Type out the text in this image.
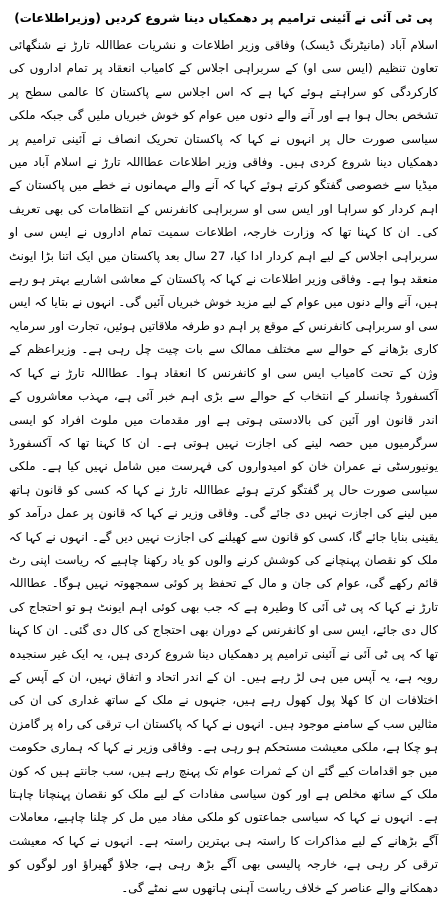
پی ٹی آئی نے آئینی ترامیم پر دھمکیاں دینا شروع کردیں (وزیراطلاعات)

اسلام آباد (مانیٹرنگ ڈیسک) وفاقی وزیر اطلاعات و نشریات عطااللہ تارڑ نے شنگھائی تعاون تنظیم (ایس سی او) کے سربراہی اجلاس کے کامیاب انعقاد پر تمام اداروں کی کارکردگی کو سراہتے ہوئے کہا ہے کہ اس اجلاس سے پاکستان کا عالمی سطح پر تشخص بحال ہوا ہے اور آنے والے دنوں میں عوام کو خوش خبریاں ملیں گی جبکہ ملکی سیاسی صورت حال پر انہوں نے کہا کہ پاکستان تحریک انصاف نے آئینی ترامیم پر دھمکیاں دینا شروع کردی ہیں۔ وفاقی وزیر اطلاعات عطااللہ تارڑ نے اسلام آباد میں میڈیا سے خصوصی گفتگو کرتے ہوئے کہا کہ آنے والے مہمانوں نے خطے میں پاکستان کے اہم کردار کو سراہا اور ایس سی او سربراہی کانفرنس کے انتظامات کی بھی تعریف کی۔ ان کا کہنا تھا کہ وزارت خارجہ، اطلاعات سمیت تمام اداروں نے ایس سی او سربراہی اجلاس کے لیے اہم کردار ادا کیا، 27 سال بعد پاکستان میں ایک اتنا بڑا ایونٹ منعقد ہوا ہے۔ وفاقی وزیر اطلاعات نے کہا کہ پاکستان کے معاشی اشاریے بہتر ہو رہے ہیں، آنے والے دنوں میں عوام کے لیے مزید خوش خبریاں آئیں گی۔ انہوں نے بتایا کہ ایس سی او سربراہی کانفرنس کے موقع پر اہم دو طرفہ ملاقاتیں ہوئیں، تجارت اور سرمایہ کاری بڑھانے کے حوالے سے مختلف ممالک سے بات چیت چل رہی ہے۔ وزیراعظم کے وژن کے تحت کامیاب ایس سی او کانفرنس کا انعقاد ہوا۔ عطااللہ تارڑ نے کہا کہ آکسفورڈ چانسلر کے انتخاب کے حوالے سے بڑی اہم خبر آئی ہے، مہذب معاشروں کے اندر قانون اور آئین کی بالادستی ہوتی ہے اور مقدمات میں ملوث افراد کو ایسی سرگرمیوں میں حصہ لینے کی اجازت نہیں ہوتی ہے۔ ان کا کہنا تھا کہ آکسفورڈ یونیورسٹی نے عمران خان کو امیدواروں کی فہرست میں شامل نہیں کیا ہے۔ ملکی سیاسی صورت حال پر گفتگو کرتے ہوئے عطااللہ تارڑ نے کہا کہ کسی کو قانون ہاتھ میں لینے کی اجازت نہیں دی جائے گی۔ وفاقی وزیر نے کہا کہ قانون پر عمل درآمد کو یقینی بنایا جائے گا، کسی کو قانون سے کھیلنے کی اجازت نہیں دیں گے۔ انہوں نے کہا کہ ملک کو نقصان پہنچانے کی کوشش کرنے والوں کو یاد رکھنا چاہیے کہ ریاست اپنی رٹ قائم رکھے گی، عوام کی جان و مال کے تحفظ پر کوئی سمجھوتہ نہیں ہوگا۔ عطااللہ تارڑ نے کہا کہ پی ٹی آئی کا وطیرہ ہے کہ جب بھی کوئی اہم ایونٹ ہو تو احتجاج کی کال دی جائے، ایس سی او کانفرنس کے دوران بھی احتجاج کی کال دی گئی۔ ان کا کہنا تھا کہ پی ٹی آئی نے آئینی ترامیم پر دھمکیاں دینا شروع کردی ہیں، یہ ایک غیر سنجیدہ رویہ ہے، یہ آپس میں ہی لڑ رہے ہیں۔ ان کے اندر اتحاد و اتفاق نہیں، ان کے آپس کے اختلافات ان کا کھلا پول کھول رہے ہیں، جنہوں نے ملک کے ساتھ غداری کی ان کی مثالیں سب کے سامنے موجود ہیں۔ انہوں نے کہا کہ پاکستان اب ترقی کی راہ پر گامزن ہو چکا ہے، ملکی معیشت مستحکم ہو رہی ہے۔ وفاقی وزیر نے کہا کہ ہماری حکومت میں جو اقدامات کیے گئے ان کے ثمرات عوام تک پہنچ رہے ہیں، سب جانتے ہیں کہ کون ملک کے ساتھ مخلص ہے اور کون سیاسی مفادات کے لیے ملک کو نقصان پہنچانا چاہتا ہے۔ انہوں نے کہا کہ سیاسی جماعتوں کو ملکی مفاد میں مل کر چلنا چاہیے، معاملات آگے بڑھانے کے لیے مذاکرات کا راستہ ہی بہترین راستہ ہے۔ انہوں نے کہا کہ معیشت ترقی کر رہی ہے، خارجہ پالیسی بھی آگے بڑھ رہی ہے، جلاؤ گھیراؤ اور لوگوں کو دھمکانے والے عناصر کے خلاف ریاست آہنی ہاتھوں سے نمٹے گی۔
